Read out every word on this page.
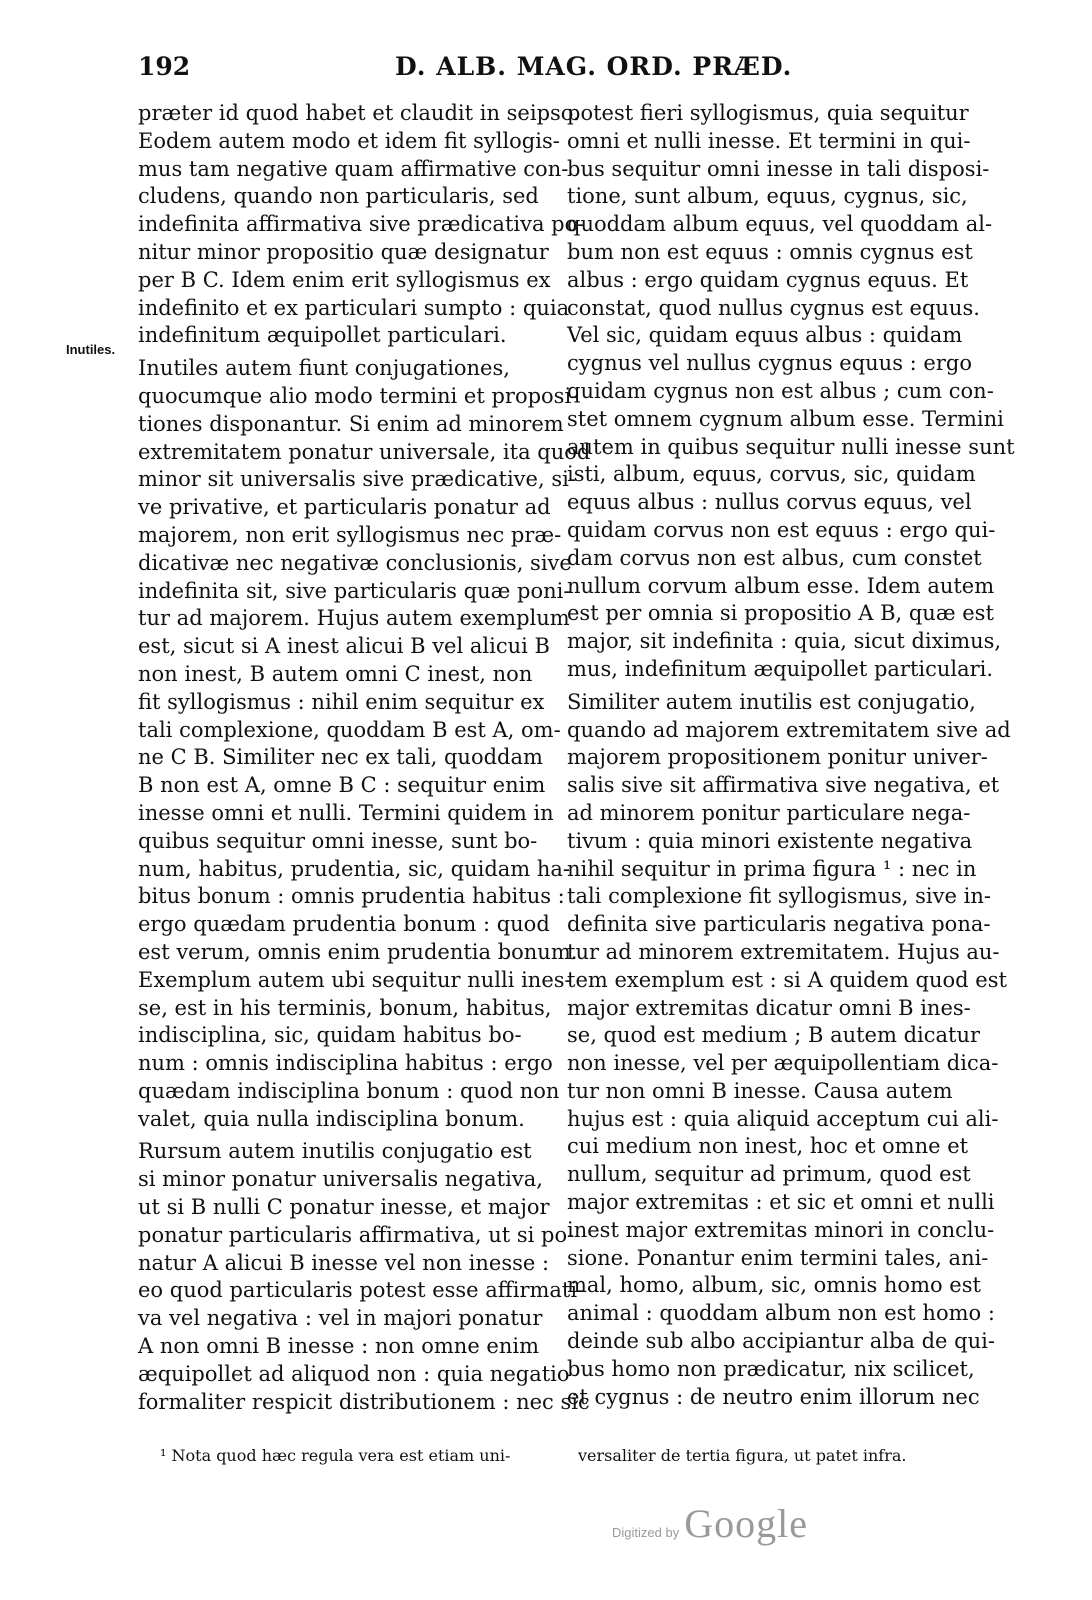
192	D. ALB. MAG. ORD. PRÆD.
Inutiles.
præter id quod habet et claudit in seipso.
Eodem autem modo et idem fit syllogis-
mus tam negative quam affirmative con-
cludens, quando non particularis, sed
indefinita affirmativa sive prædicativa po-
nitur minor propositio quæ designatur
per B C. Idem enim erit syllogismus ex
indefinito et ex particulari sumpto : quia
indefinitum æquipollet particulari.
Inutiles autem fiunt conjugationes,
quocumque alio modo termini et proposi-
tiones disponantur. Si enim ad minorem
extremitatem ponatur universale, ita quod
minor sit universalis sive prædicative, si-
ve privative, et particularis ponatur ad
majorem, non erit syllogismus nec præ-
dicativæ nec negativæ conclusionis, sive
indefinita sit, sive particularis quæ poni-
tur ad majorem. Hujus autem exemplum
est, sicut si A inest alicui B vel alicui B
non inest, B autem omni C inest, non
fit syllogismus : nihil enim sequitur ex
tali complexione, quoddam B est A, om-
ne C B. Similiter nec ex tali, quoddam
B non est A, omne B C : sequitur enim
inesse omni et nulli. Termini quidem in
quibus sequitur omni inesse, sunt bo-
num, habitus, prudentia, sic, quidam ha-
bitus bonum : omnis prudentia habitus :
ergo quædam prudentia bonum : quod
est verum, omnis enim prudentia bonum.
Exemplum autem ubi sequitur nulli ines-
se, est in his terminis, bonum, habitus,
indisciplina, sic, quidam habitus bo-
num : omnis indisciplina habitus : ergo
quædam indisciplina bonum : quod non
valet, quia nulla indisciplina bonum.
Rursum autem inutilis conjugatio est
si minor ponatur universalis negativa,
ut si B nulli C ponatur inesse, et major
ponatur particularis affirmativa, ut si po-
natur A alicui B inesse vel non inesse :
eo quod particularis potest esse affirmati-
va vel negativa : vel in majori ponatur
A non omni B inesse : non omne enim
æquipollet ad aliquod non : quia negatio
formaliter respicit distributionem : nec sic
potest fieri syllogismus, quia sequitur
omni et nulli inesse. Et termini in qui-
bus sequitur omni inesse in tali disposi-
tione, sunt album, equus, cygnus, sic,
quoddam album equus, vel quoddam al-
bum non est equus : omnis cygnus est
albus : ergo quidam cygnus equus. Et
constat, quod nullus cygnus est equus.
Vel sic, quidam equus albus : quidam
cygnus vel nullus cygnus equus : ergo
quidam cygnus non est albus ; cum con-
stet omnem cygnum album esse. Termini
autem in quibus sequitur nulli inesse sunt
isti, album, equus, corvus, sic, quidam
equus albus : nullus corvus equus, vel
quidam corvus non est equus : ergo qui-
dam corvus non est albus, cum constet
nullum corvum album esse. Idem autem
est per omnia si propositio A B, quæ est
major, sit indefinita : quia, sicut diximus,
mus, indefinitum æquipollet particulari.
Similiter autem inutilis est conjugatio,
quando ad majorem extremitatem sive ad
majorem propositionem ponitur univer-
salis sive sit affirmativa sive negativa, et
ad minorem ponitur particulare nega-
tivum : quia minori existente negativa
nihil sequitur in prima figura ¹ : nec in
tali complexione fit syllogismus, sive in-
definita sive particularis negativa pona-
tur ad minorem extremitatem. Hujus au-
tem exemplum est : si A quidem quod est
major extremitas dicatur omni B ines-
se, quod est medium ; B autem dicatur
non inesse, vel per æquipollentiam dica-
tur non omni B inesse. Causa autem
hujus est : quia aliquid acceptum cui ali-
cui medium non inest, hoc et omne et
nullum, sequitur ad primum, quod est
major extremitas : et sic et omni et nulli
inest major extremitas minori in conclu-
sione. Ponantur enim termini tales, ani-
mal, homo, album, sic, omnis homo est
animal : quoddam album non est homo :
deinde sub albo accipiantur alba de qui-
bus homo non prædicatur, nix scilicet,
et cygnus : de neutro enim illorum nec
¹ Nota quod hæc regula vera est etiam uni-	versaliter de tertia figura, ut patet infra.
Digitized by Google
